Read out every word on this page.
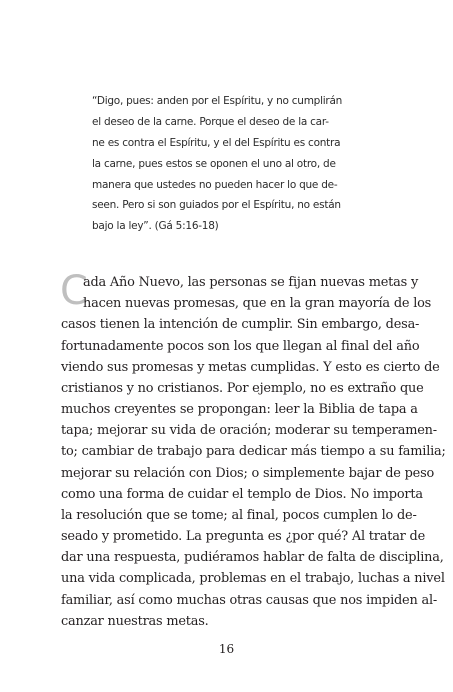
“Digo, pues: anden por el Espíritu, y no cumplirán
el deseo de la carne. Porque el deseo de la car-
ne es contra el Espíritu, y el del Espíritu es contra
la carne, pues estos se oponen el uno al otro, de
manera que ustedes no pueden hacer lo que de-
seen. Pero si son guiados por el Espíritu, no están
bajo la ley”. (Gá 5:16-18)
C
ada Año Nuevo, las personas se fijan nuevas metas y
hacen nuevas promesas, que en la gran mayoría de los
casos tienen la intención de cumplir. Sin embargo, desa-
fortunadamente pocos son los que llegan al final del año
viendo sus promesas y metas cumplidas. Y esto es cierto de
cristianos y no cristianos. Por ejemplo, no es extraño que
muchos creyentes se propongan: leer la Biblia de tapa a
tapa; mejorar su vida de oración; moderar su temperamen-
to; cambiar de trabajo para dedicar más tiempo a su familia;
mejorar su relación con Dios; o simplemente bajar de peso
como una forma de cuidar el templo de Dios. No importa
la resolución que se tome; al final, pocos cumplen lo de-
seado y prometido. La pregunta es ¿por qué? Al tratar de
dar una respuesta, pudiéramos hablar de falta de disciplina,
una vida complicada, problemas en el trabajo, luchas a nivel
familiar, así como muchas otras causas que nos impiden al-
canzar nuestras metas.
16
